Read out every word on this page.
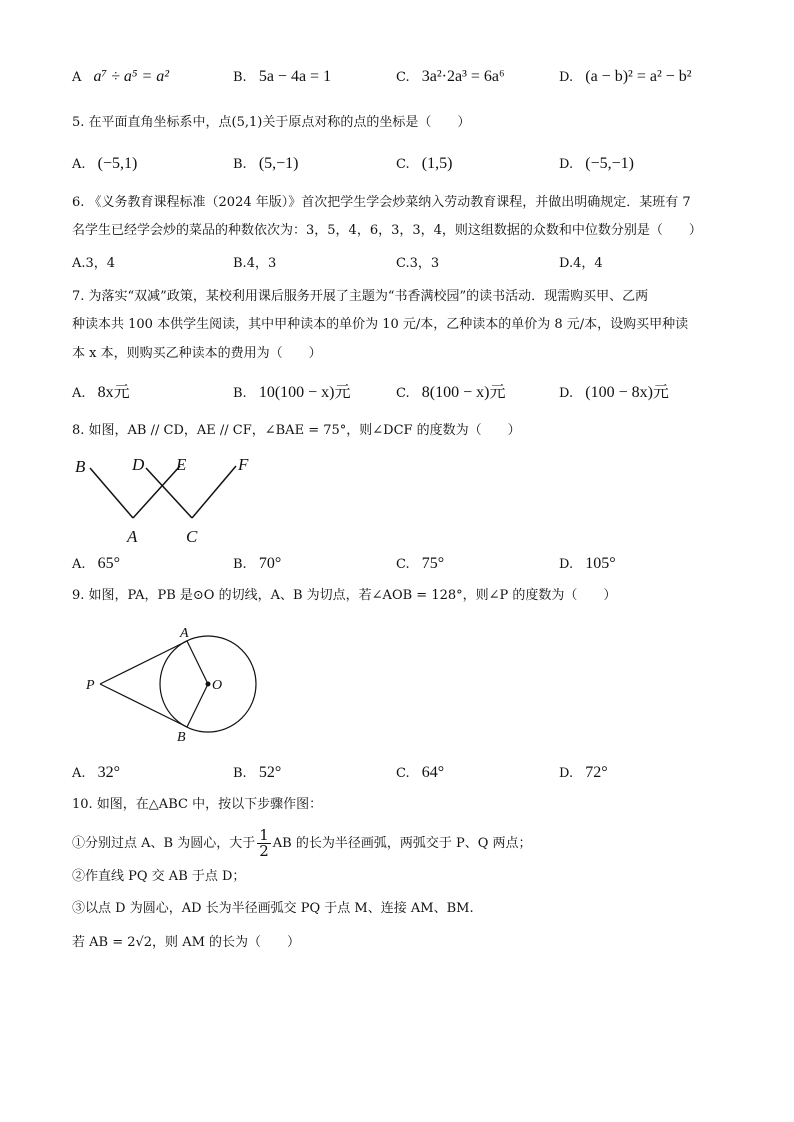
A a⁷ ÷ a⁵ = a²	B. 5a − 4a = 1	C. 3a²·2a³ = 6a⁶	D. (a − b)² = a² − b²
5. 在平面直角坐标系中，点(5,1)关于原点对称的点的坐标是（　　）
A. (−5,1)	B. (5,−1)	C. (1,5)	D. (−5,−1)
6. 《义务教育课程标准（2024 年版）》首次把学生学会炒菜纳入劳动教育课程，并做出明确规定．某班有 7
名学生已经学会炒的菜品的种数依次为：3，5，4，6，3，3，4，则这组数据的众数和中位数分别是（　　）
A.3，4	B.4，3	C.3，3	D.4，4
7. 为落实“双减”政策，某校利用课后服务开展了主题为“书香满校园”的读书活动．现需购买甲、乙两
种读本共 100 本供学生阅读，其中甲种读本的单价为 10 元/本，乙种读本的单价为 8 元/本，设购买甲种读
本 x 本，则购买乙种读本的费用为（　　）
A. 8x元	B. 10(100 − x)元	C. 8(100 − x)元	D. (100 − 8x)元
8. 如图，AB // CD，AE // CF，∠BAE = 75°，则∠DCF 的度数为（　　）
B	D E	F
A	C
A. 65°	B. 70°	C. 75°	D. 105°
9. 如图，PA，PB 是⊙O 的切线，A、B 为切点，若∠AOB = 128°，则∠P 的度数为（　　）
P
A
B
O
A. 32°	B. 52°	C. 64°	D. 72°
10. 如图，在△ABC 中，按以下步骤作图：
①分别过点 A、B 为圆心，大于 $\frac{1}{2}$ AB 的长为半径画弧，两弧交于 P、Q 两点；
②作直线 PQ 交 AB 于点 D；
③以点 D 为圆心，AD 长为半径画弧交 PQ 于点 M、连接 AM、BM.
若 AB = 2√2，则 AM 的长为（　　）
